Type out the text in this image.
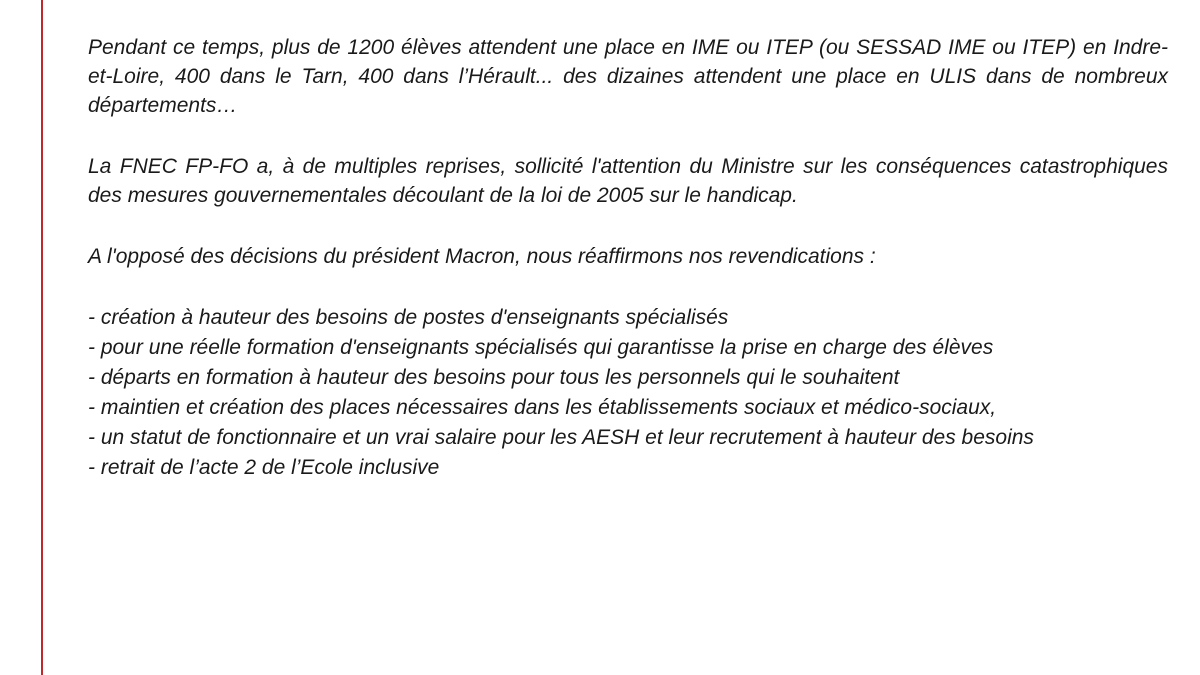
Pendant ce temps, plus de 1200 élèves attendent une place en IME ou ITEP (ou SESSAD IME ou ITEP) en Indre-et-Loire, 400 dans le Tarn, 400 dans l’Hérault... des dizaines attendent une place en ULIS dans de nombreux départements…

La FNEC FP-FO a, à de multiples reprises, sollicité l'attention du Ministre sur les conséquences catastrophiques des mesures gouvernementales découlant de la loi de 2005 sur le handicap.

A l'opposé des décisions du président Macron, nous réaffirmons nos revendications :

- création à hauteur des besoins de postes d'enseignants spécialisés
- pour une réelle formation d'enseignants spécialisés qui garantisse la prise en charge des élèves
- départs en formation à hauteur des besoins pour tous les personnels qui le souhaitent
- maintien et création des places nécessaires dans les établissements sociaux et médico-sociaux,
- un statut de fonctionnaire et un vrai salaire pour les AESH et leur recrutement à hauteur des besoins
- retrait de l’acte 2 de l’Ecole inclusive
